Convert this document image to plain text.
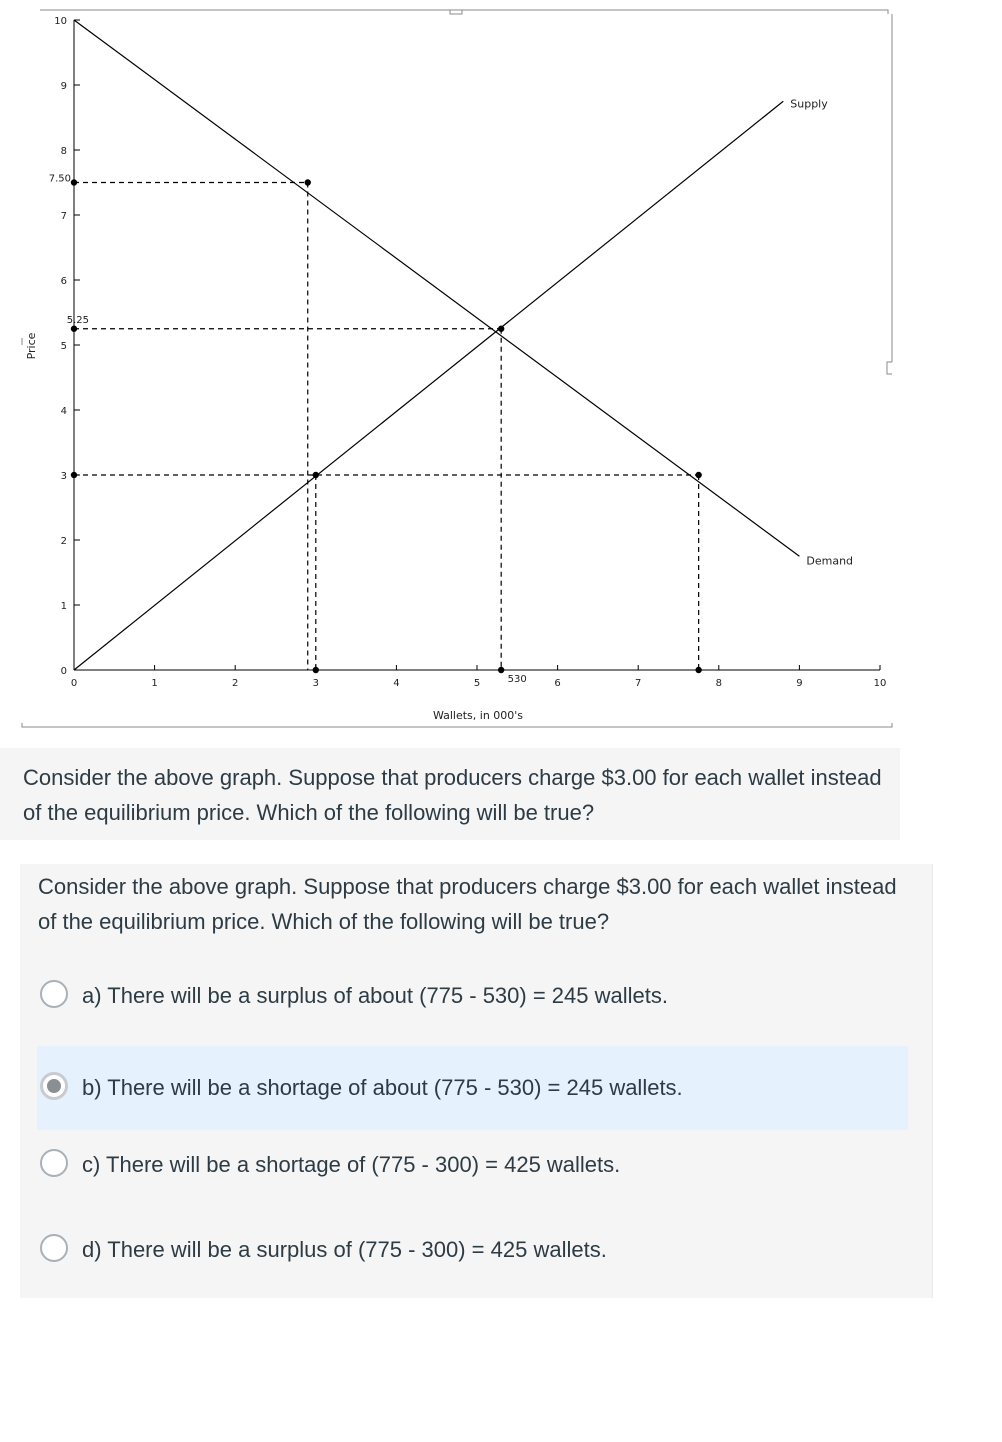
Price
Wallets, in 000's
0	1	2	3	4	5	6	7	8	9	10
0
1
2
3
4
5
6
7
8
9
10
7.50
5.25
530
Supply
Demand

Consider the above graph. Suppose that producers charge $3.00 for each wallet instead of the equilibrium price. Which of the following will be true?

Consider the above graph. Suppose that producers charge $3.00 for each wallet instead of the equilibrium price. Which of the following will be true?

a) There will be a surplus of about (775 - 530) = 245 wallets.
b) There will be a shortage of about (775 - 530) = 245 wallets.
c) There will be a shortage of (775 - 300) = 425 wallets.
d) There will be a surplus of (775 - 300) = 425 wallets.
